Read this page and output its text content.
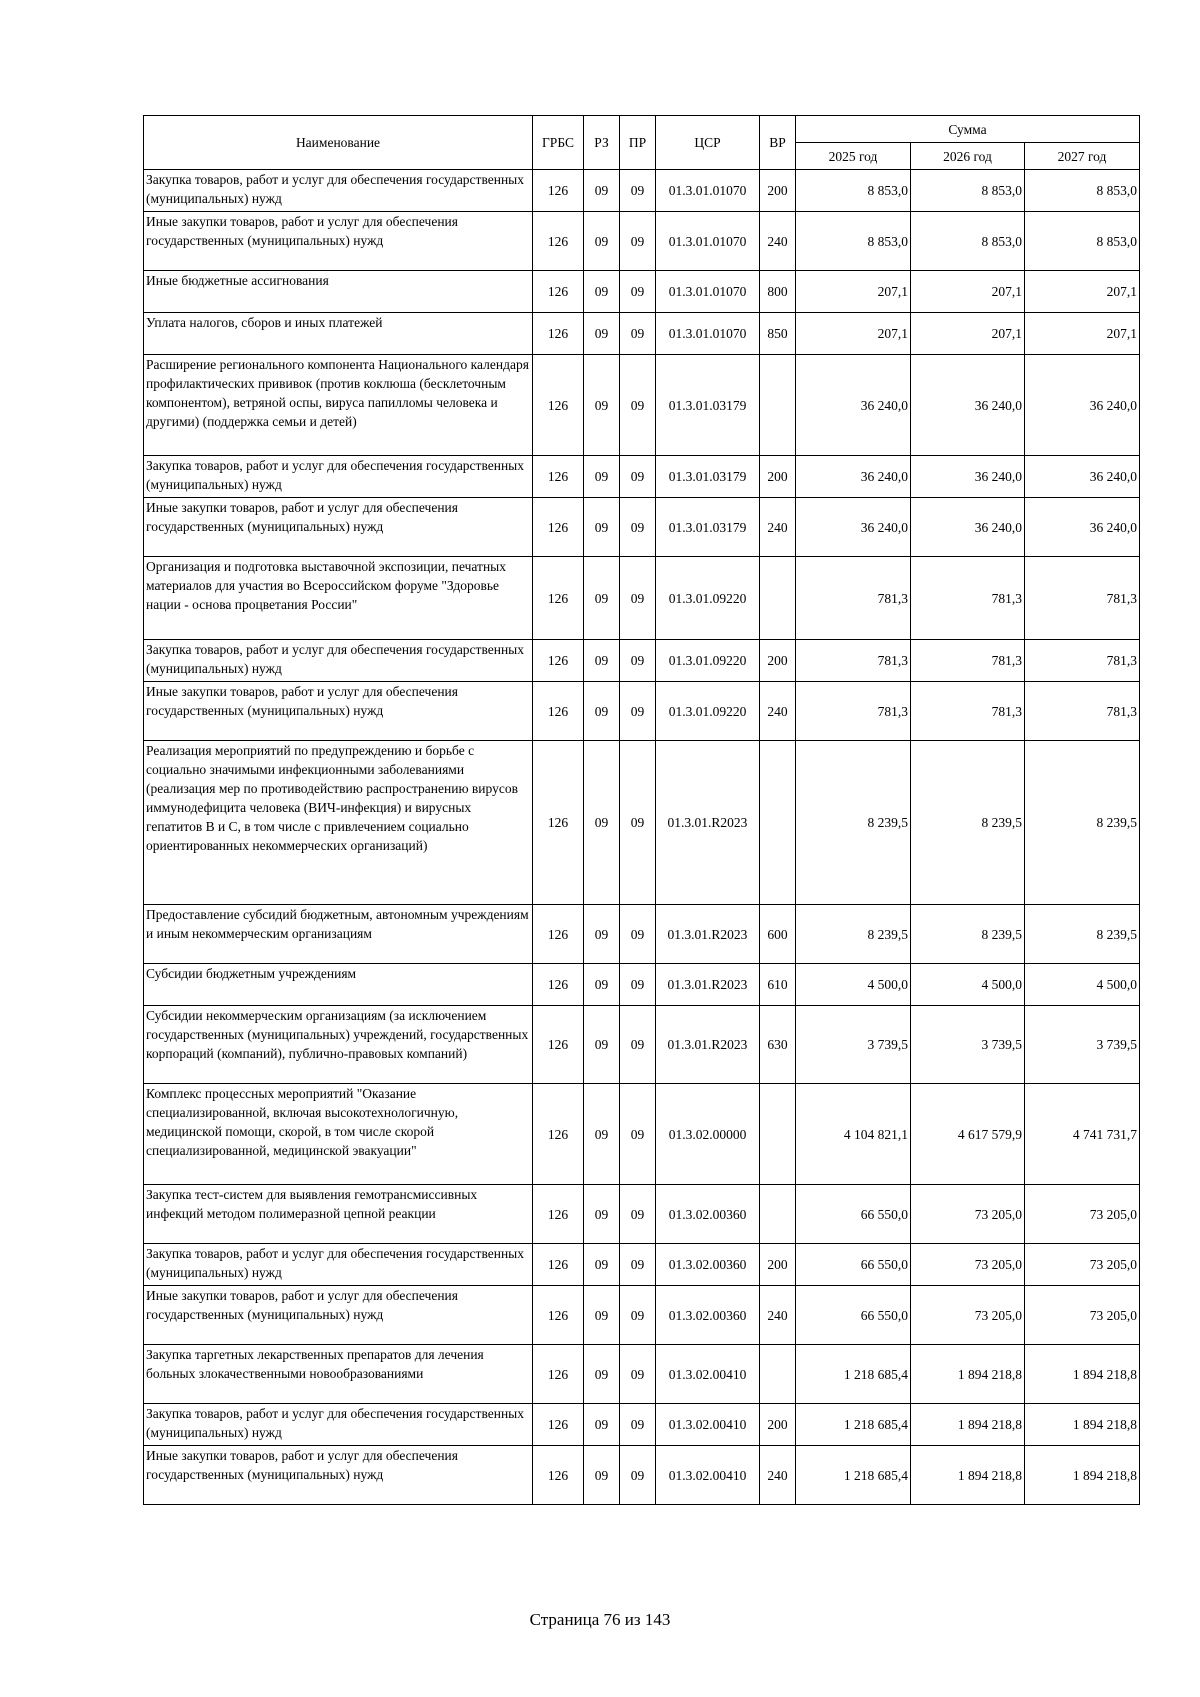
Наименование	ГРБС	РЗ	ПР	ЦСР	ВР	Сумма		
						2025 год	2026 год	2027 год
Закупка товаров, работ и услуг для обеспечения государственных (муниципальных) нужд	126	09	09	01.3.01.01070	200	8 853,0	8 853,0	8 853,0
Иные закупки товаров, работ и услуг для обеспечения государственных (муниципальных) нужд	126	09	09	01.3.01.01070	240	8 853,0	8 853,0	8 853,0
Иные бюджетные ассигнования	126	09	09	01.3.01.01070	800	207,1	207,1	207,1
Уплата налогов, сборов и иных платежей	126	09	09	01.3.01.01070	850	207,1	207,1	207,1
Расширение регионального компонента Национального календаря профилактических прививок (против коклюша (бесклеточным компонентом), ветряной оспы, вируса папилломы человека и другими) (поддержка семьи и детей)	126	09	09	01.3.01.03179		36 240,0	36 240,0	36 240,0
Закупка товаров, работ и услуг для обеспечения государственных (муниципальных) нужд	126	09	09	01.3.01.03179	200	36 240,0	36 240,0	36 240,0
Иные закупки товаров, работ и услуг для обеспечения государственных (муниципальных) нужд	126	09	09	01.3.01.03179	240	36 240,0	36 240,0	36 240,0
Организация и подготовка выставочной экспозиции, печатных материалов для участия во Всероссийском форуме "Здоровье нации - основа процветания России"	126	09	09	01.3.01.09220		781,3	781,3	781,3
Закупка товаров, работ и услуг для обеспечения государственных (муниципальных) нужд	126	09	09	01.3.01.09220	200	781,3	781,3	781,3
Иные закупки товаров, работ и услуг для обеспечения государственных (муниципальных) нужд	126	09	09	01.3.01.09220	240	781,3	781,3	781,3
Реализация мероприятий по предупреждению и борьбе с социально значимыми инфекционными заболеваниями (реализация мер по противодействию распространению вирусов иммунодефицита человека (ВИЧ-инфекция) и вирусных гепатитов В и С, в том числе с привлечением социально ориентированных некоммерческих организаций)	126	09	09	01.3.01.R2023		8 239,5	8 239,5	8 239,5
Предоставление субсидий бюджетным, автономным учреждениям и иным некоммерческим организациям	126	09	09	01.3.01.R2023	600	8 239,5	8 239,5	8 239,5
Субсидии бюджетным учреждениям	126	09	09	01.3.01.R2023	610	4 500,0	4 500,0	4 500,0
Субсидии некоммерческим организациям (за исключением государственных (муниципальных) учреждений, государственных корпораций (компаний), публично-правовых компаний)	126	09	09	01.3.01.R2023	630	3 739,5	3 739,5	3 739,5
Комплекс процессных мероприятий "Оказание специализированной, включая высокотехнологичную, медицинской помощи, скорой, в том числе скорой специализированной, медицинской эвакуации"	126	09	09	01.3.02.00000		4 104 821,1	4 617 579,9	4 741 731,7
Закупка тест-систем для выявления гемотрансмиссивных инфекций методом полимеразной цепной реакции	126	09	09	01.3.02.00360		66 550,0	73 205,0	73 205,0
Закупка товаров, работ и услуг для обеспечения государственных (муниципальных) нужд	126	09	09	01.3.02.00360	200	66 550,0	73 205,0	73 205,0
Иные закупки товаров, работ и услуг для обеспечения государственных (муниципальных) нужд	126	09	09	01.3.02.00360	240	66 550,0	73 205,0	73 205,0
Закупка таргетных лекарственных препаратов для лечения больных злокачественными новообразованиями	126	09	09	01.3.02.00410		1 218 685,4	1 894 218,8	1 894 218,8
Закупка товаров, работ и услуг для обеспечения государственных (муниципальных) нужд	126	09	09	01.3.02.00410	200	1 218 685,4	1 894 218,8	1 894 218,8
Иные закупки товаров, работ и услуг для обеспечения государственных (муниципальных) нужд	126	09	09	01.3.02.00410	240	1 218 685,4	1 894 218,8	1 894 218,8
Страница 76 из 143
